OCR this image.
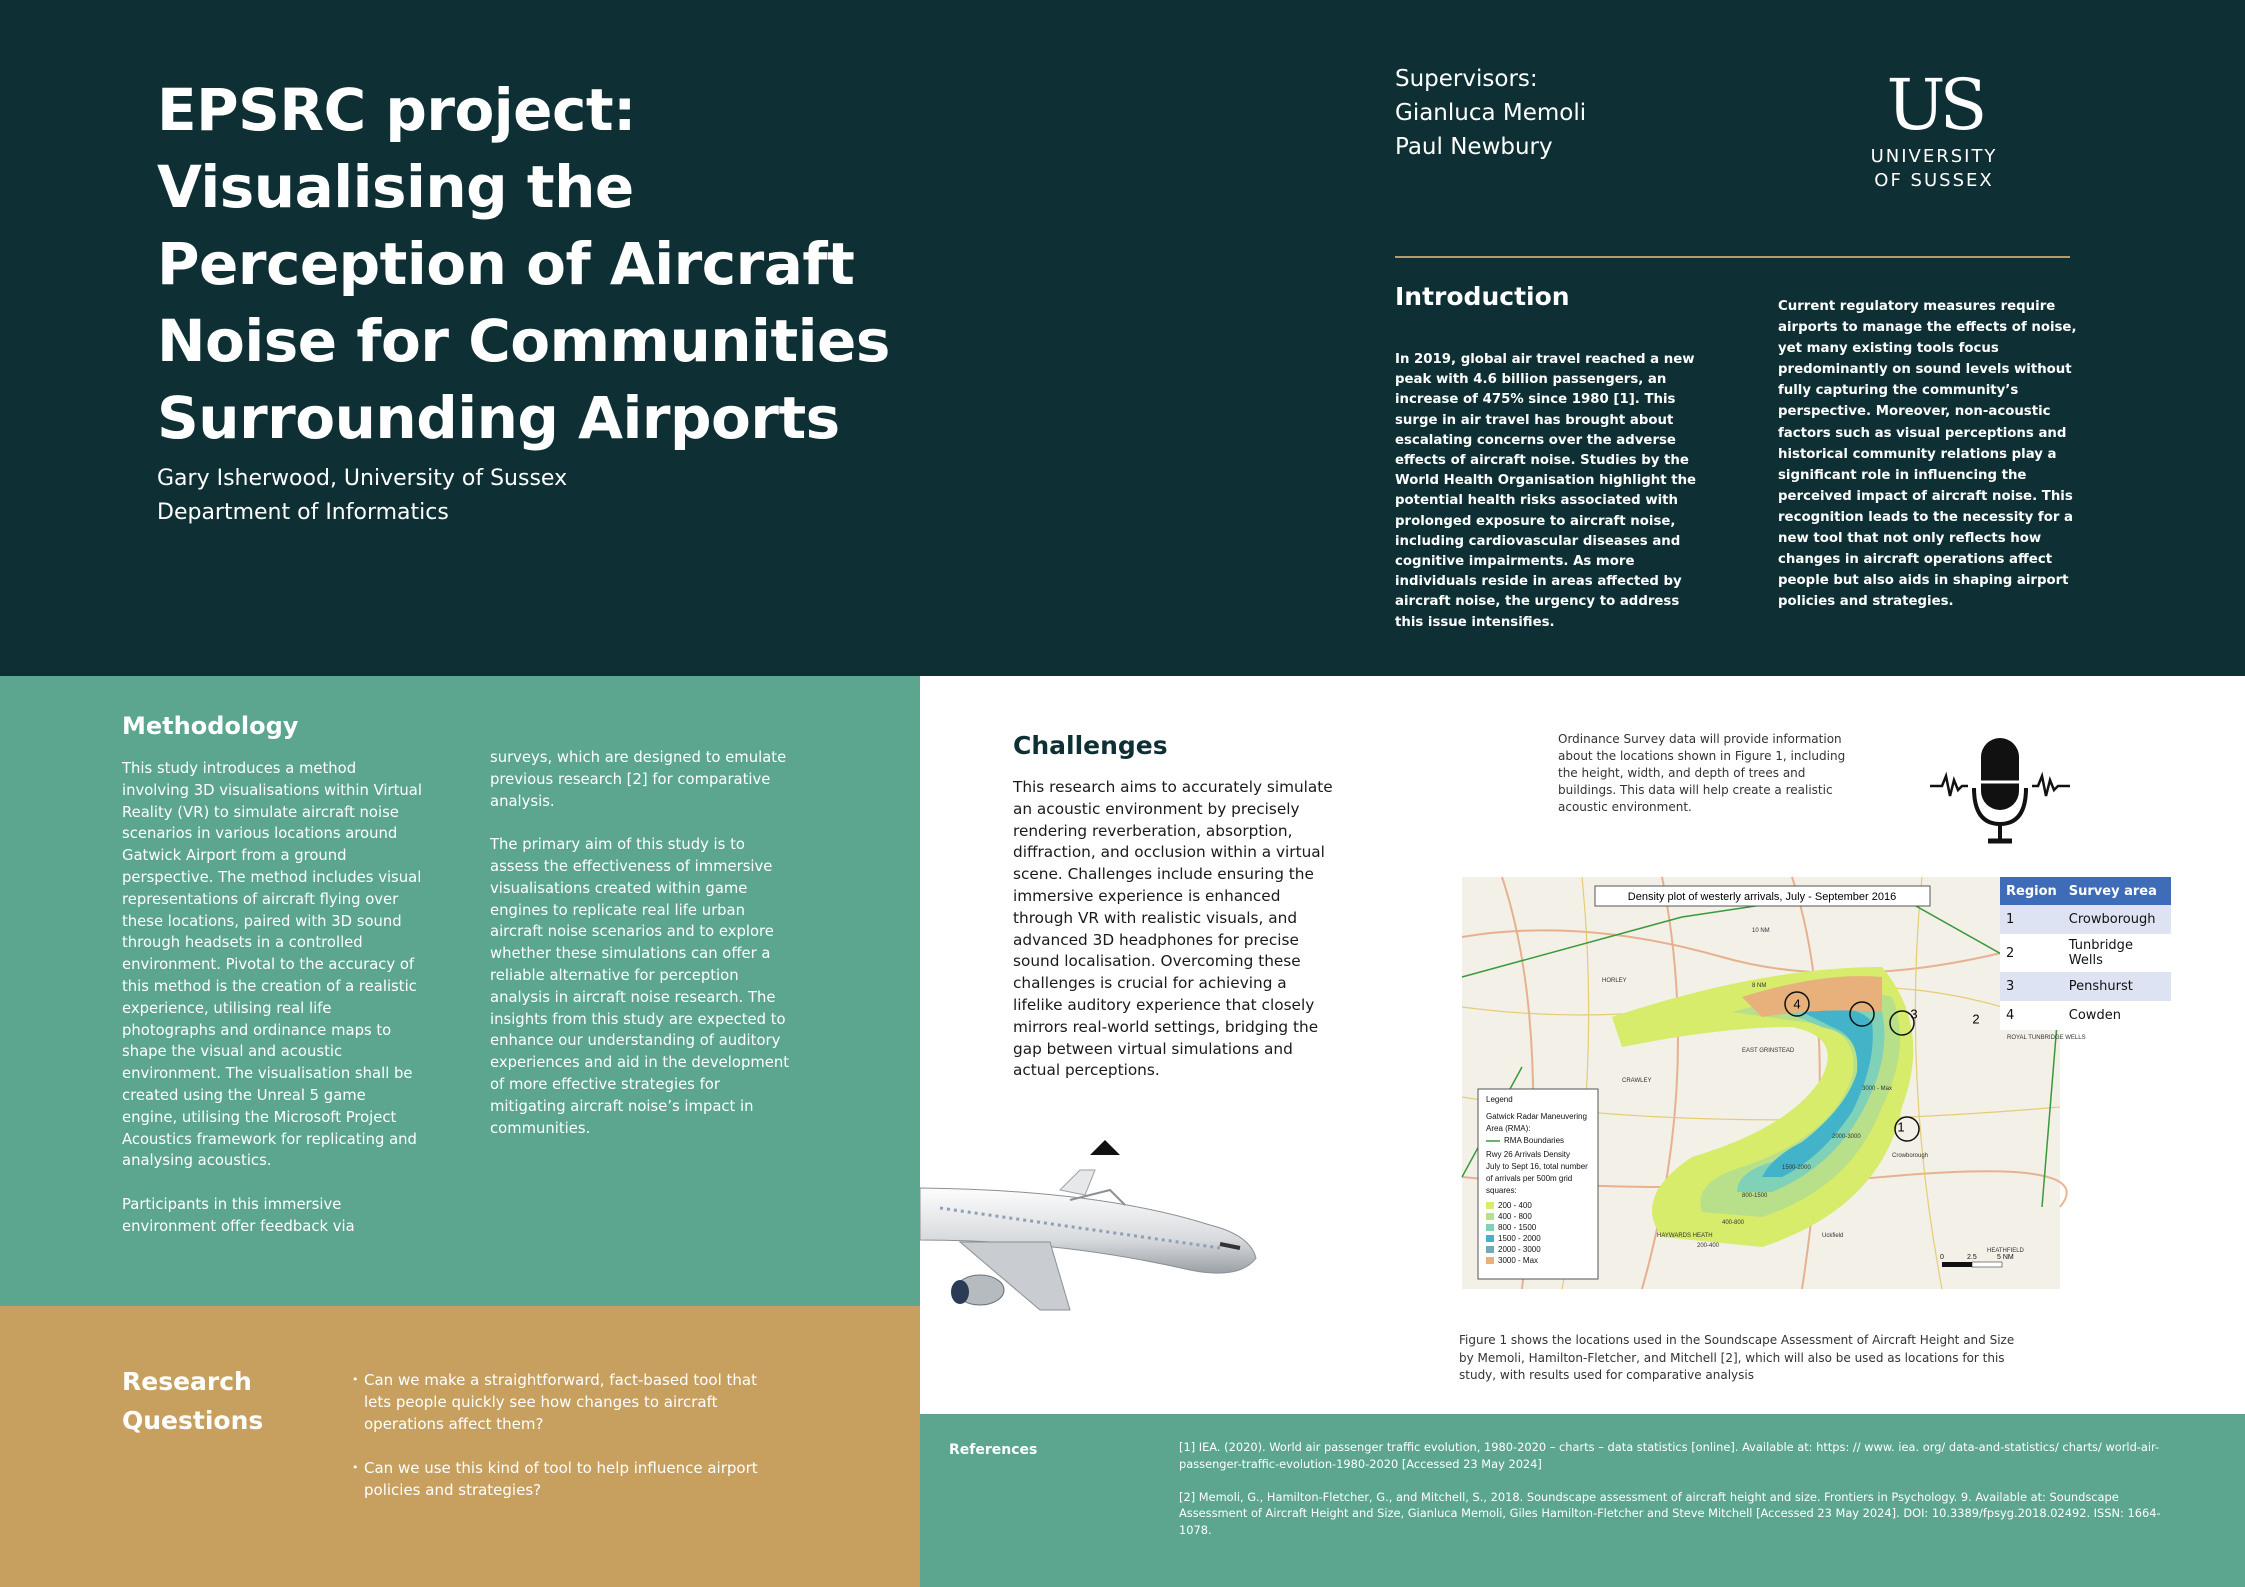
EPSRC project:
Visualising the
Perception of Aircraft
Noise for Communities
Surrounding Airports
Gary Isherwood, University of Sussex
Department of Informatics
Supervisors:
Gianluca Memoli
Paul Newbury
US
UNIVERSITY
OF SUSSEX
Introduction

In 2019, global air travel reached a new peak with 4.6 billion passengers, an increase of 475% since 1980 [1]. This surge in air travel has brought about escalating concerns over the adverse effects of aircraft noise. Studies by the World Health Organisation highlight the potential health risks associated with prolonged exposure to aircraft noise, including cardiovascular diseases and cognitive impairments. As more individuals reside in areas affected by aircraft noise, the urgency to address this issue intensifies.

Current regulatory measures require airports to manage the effects of noise, yet many existing tools focus predominantly on sound levels without fully capturing the community’s perspective. Moreover, non-acoustic factors such as visual perceptions and historical community relations play a significant role in influencing the perceived impact of aircraft noise. This recognition leads to the necessity for a new tool that not only reflects how changes in aircraft operations affect people but also aids in shaping airport policies and strategies.

Methodology

This study introduces a method involving 3D visualisations within Virtual Reality (VR) to simulate aircraft noise scenarios in various locations around Gatwick Airport from a ground perspective. The method includes visual representations of aircraft flying over these locations, paired with 3D sound through headsets in a controlled environment. Pivotal to the accuracy of this method is the creation of a realistic experience, utilising real life photographs and ordinance maps to shape the visual and acoustic environment. The visualisation shall be created using the Unreal 5 game engine, utilising the Microsoft Project Acoustics framework for replicating and analysing acoustics.

Participants in this immersive environment offer feedback via

surveys, which are designed to emulate previous research [2] for comparative analysis.

The primary aim of this study is to assess the effectiveness of immersive visualisations created within game engines to replicate real life urban aircraft noise scenarios and to explore whether these simulations can offer a reliable alternative for perception analysis in aircraft noise research. The insights from this study are expected to enhance our understanding of auditory experiences and aid in the development of more effective strategies for mitigating aircraft noise’s impact in communities.

Research Questions
• Can we make a straightforward, fact-based tool that lets people quickly see how changes to aircraft operations affect them?
• Can we use this kind of tool to help influence airport policies and strategies?
Challenges

This research aims to accurately simulate an acoustic environment by precisely rendering reverberation, absorption, diffraction, and occlusion within a virtual scene. Challenges include ensuring the immersive experience is enhanced through VR with realistic visuals, and advanced 3D headphones for precise sound localisation. Overcoming these challenges is crucial for achieving a lifelike auditory experience that closely mirrors real-world settings, bridging the gap between virtual simulations and actual perceptions.

Ordinance Survey data will provide information about the locations shown in Figure 1, including the height, width, and depth of trees and buildings. This data will help create a realistic acoustic environment.

1
2
3
4
Density plot of westerly arrivals, July - September 2016
10 NM
8 NM
3000 - Max
2000-3000
1500-2000
800-1500
400-800
200-400
HORLEY
EAST GRINSTEAD
CRAWLEY
HAYWARDS HEATH
HEATHFIELD
ROYAL TUNBRIDGE WELLS
Crowborough
Uckfield
Legend
Gatwick Radar Maneuvering
Area (RMA):
RMA Boundaries
Rwy 26 Arrivals Density
July to Sept 16, total number
of arrivals per 500m grid
squares:
200 - 400
400 - 800
800 - 1500
1500 - 2000
2000 - 3000
3000 - Max	0	2.5	5 NM
Region	Survey area
1	Crowborough
2	Tunbridge Wells
3	Penshurst
4	Cowden

Figure 1 shows the locations used in the Soundscape Assessment of Aircraft Height and Size by Memoli, Hamilton-Fletcher, and Mitchell [2], which will also be used as locations for this study, with results used for comparative analysis

References	[1] IEA. (2020). World air passenger traffic evolution, 1980-2020 – charts – data statistics [online]. Available at: https: // www. iea. org/ data-and-statistics/ charts/ world-air-passenger-traffic-evolution-1980-2020 [Accessed 23 May 2024]

[2] Memoli, G., Hamilton-Fletcher, G., and Mitchell, S., 2018. Soundscape assessment of aircraft height and size. Frontiers in Psychology. 9. Available at: Soundscape Assessment of Aircraft Height and Size, Gianluca Memoli, Giles Hamilton-Fletcher and Steve Mitchell [Accessed 23 May 2024]. DOI: 10.3389/fpsyg.2018.02492. ISSN: 1664-1078.
